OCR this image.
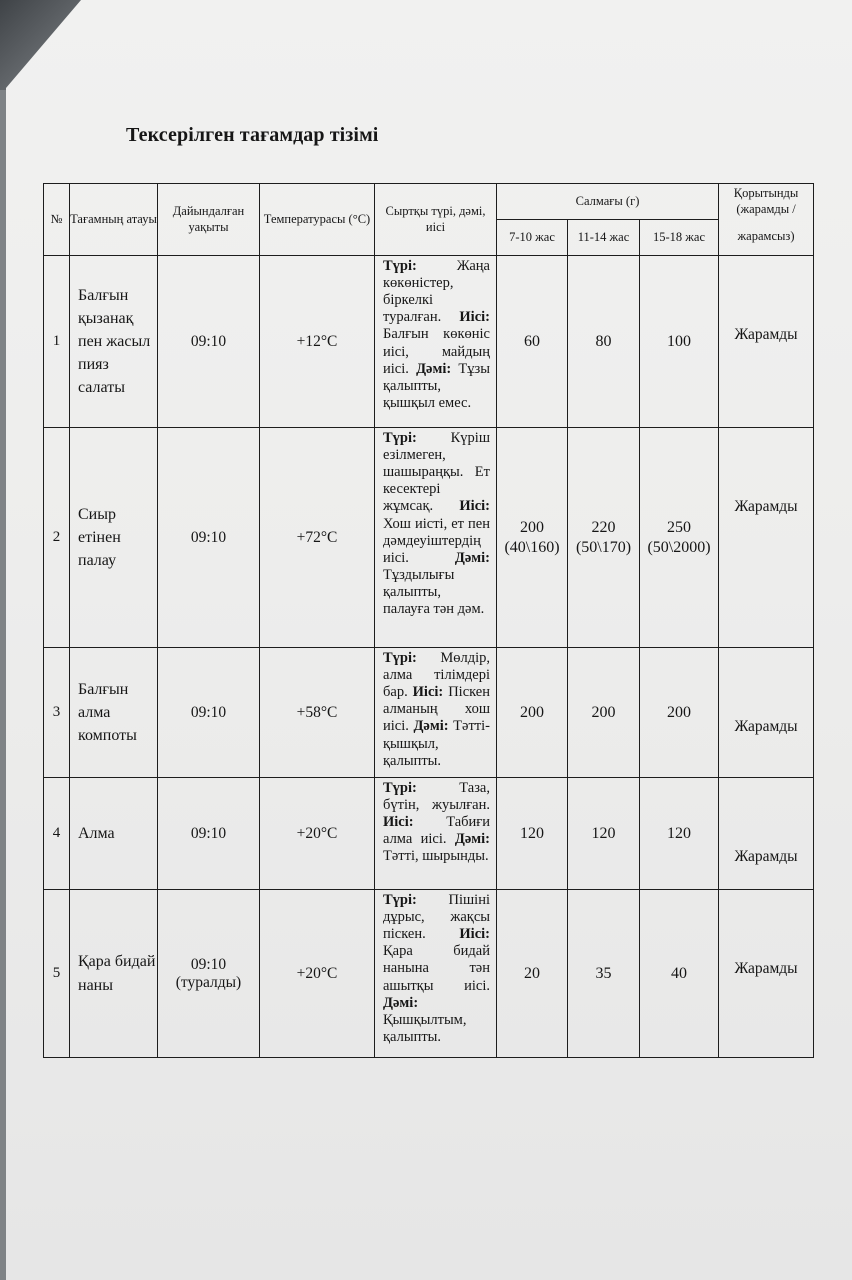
Тексерілген тағамдар тізімі
№	Тағамның атауы	Дайындалған уақыты	Температурасы (°C)	Сыртқы түрі, дәмі, иісі	Салмағы (г)			Қорытынды (жарамды /
					7-10 жас	11-14 жас	15-18 жас	жарамсыз)
1	Балғын қызанақ пен жасыл пияз салаты	09:10	+12°C	Түрі: Жаңа көкөністер, біркелкі туралған. Иісі: Балғын көкөніс иісі, майдың иісі. Дәмі: Тұзы қалыпты, қышқыл емес.	60	80	100	Жарамды
2	Сиыр етінен палау	09:10	+72°C	Түрі: Күріш езілмеген, шашыраңқы. Ет кесектері жұмсақ. Иісі: Хош иісті, ет пен дәмдеуіштердің иісі. Дәмі: Тұздылығы қалыпты, палауға тән дәм.	200 (40\160)	220 (50\170)	250 (50\2000)	Жарамды
3	Балғын алма компоты	09:10	+58°C	Түрі: Мөлдір, алма тілімдері бар. Иісі: Піскен алманың хош иісі. Дәмі: Тәтті-қышқыл, қалыпты.	200	200	200	Жарамды
4	Алма	09:10	+20°C	Түрі: Таза, бүтін, жуылған. Иісі: Табиғи алма иісі. Дәмі: Тәтті, шырынды.	120	120	120	Жарамды
5	Қара бидай наны	09:10 (туралды)	+20°C	Түрі: Пішіні дұрыс, жақсы піскен. Иісі: Қара бидай нанына тән ашытқы иісі. Дәмі: Қышқылтым, қалыпты.	20	35	40	Жарамды
